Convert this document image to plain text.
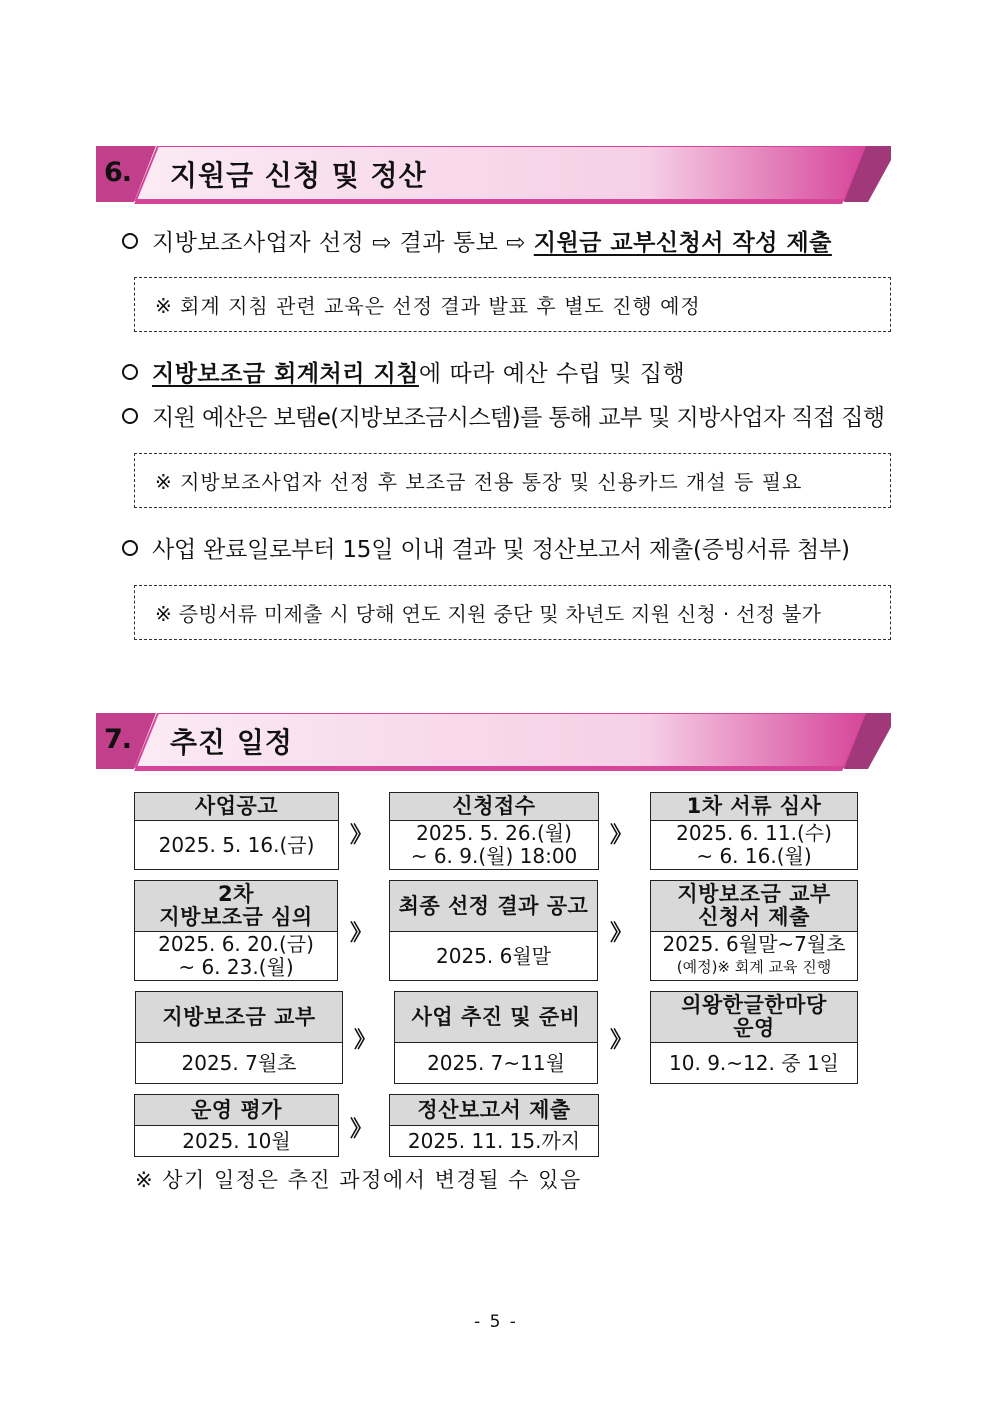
6. 지원금 신청 및 정산
지방보조사업자 선정 ⇨ 결과 통보 ⇨ 지원금 교부신청서 작성 제출
※ 회계 지침 관련 교육은 선정 결과 발표 후 별도 진행 예정
지방보조금 회계처리 지침에 따라 예산 수립 및 집행
지원 예산은 보탬e(지방보조금시스템)를 통해 교부 및 지방사업자 직접 집행
※ 지방보조사업자 선정 후 보조금 전용 통장 및 신용카드 개설 등 필요
사업 완료일로부터 15일 이내 결과 및 정산보고서 제출(증빙서류 첨부)
※ 증빙서류 미제출 시 당해 연도 지원 중단 및 차년도 지원 신청 · 선정 불가
7. 추진 일정
사업공고
2025. 5. 16.(금) 》
신청접수
2025. 5. 26.(월)
~ 6. 9.(월) 18:00
》
1차 서류 심사
2025. 6. 11.(수)
~ 6. 16.(월)
2차
지방보조금 심의
2025. 6. 20.(금)
~ 6. 23.(월)
》
최종 선정 결과 공고
2025. 6월말
》
지방보조금 교부
신청서 제출
2025. 6월말~7월초
(예정)※ 회계 교육 진행
지방보조금 교부
2025. 7월초
》
사업 추진 및 준비
2025. 7~11월
》
의왕한글한마당
운영
10. 9.~12. 중 1일
운영 평가
2025. 10월	》
정산보고서 제출
2025. 11. 15.까지
※ 상기 일정은 추진 과정에서 변경될 수 있음
- 5 -
